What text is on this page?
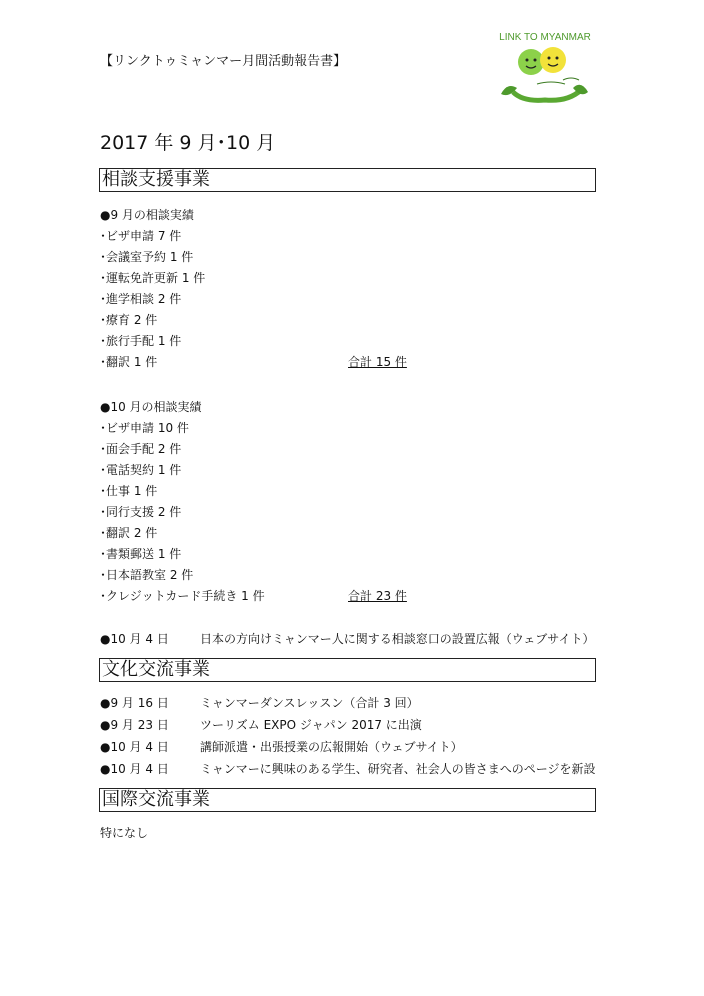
【リンクトゥミャンマー月間活動報告書】
LINK TO MYANMAR
2017 年 9 月･10 月
相談支援事業
●9 月の相談実績
･ビザ申請 7 件
･会議室予約 1 件
･運転免許更新 1 件
･進学相談 2 件
･療育 2 件
･旅行手配 1 件
･翻訳 1 件	合計 15 件
●10 月の相談実績
･ビザ申請 10 件
･面会手配 2 件
･電話契約 1 件
･仕事 1 件
･同行支援 2 件
･翻訳 2 件
･書類郵送 1 件
･日本語教室 2 件
･クレジットカード手続き 1 件	合計 23 件
●10 月 4 日	日本の方向けミャンマー人に関する相談窓口の設置広報（ウェブサイト）
文化交流事業
●9 月 16 日	ミャンマーダンスレッスン（合計 3 回）
●9 月 23 日	ツーリズム EXPO ジャパン 2017 に出演
●10 月 4 日	講師派遣・出張授業の広報開始（ウェブサイト）
●10 月 4 日	ミャンマーに興味のある学生、研究者、社会人の皆さまへのページを新設
国際交流事業
特になし
